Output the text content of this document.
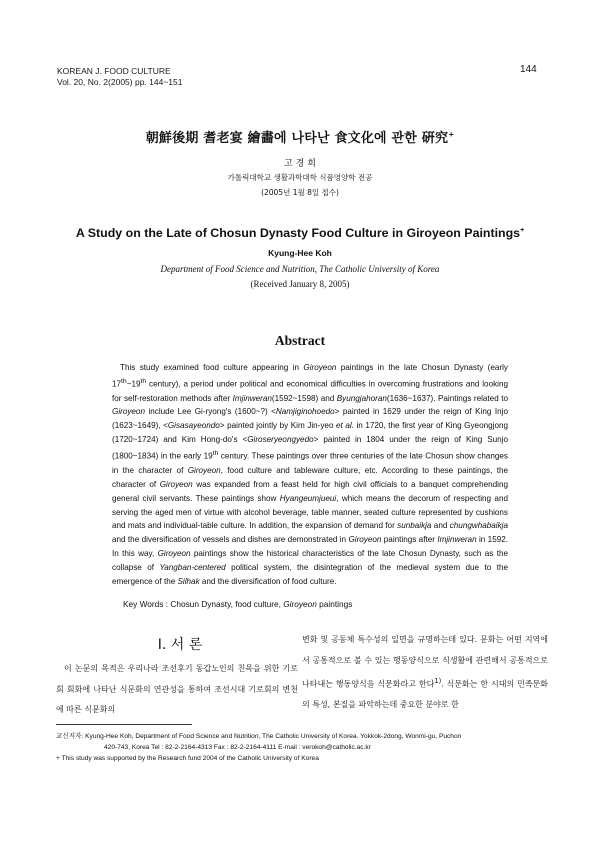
KOREAN J. FOOD CULTURE
Vol. 20, No. 2(2005) pp. 144~151
144
朝鮮後期 耆老宴 繪畵에 나타난 食文化에 관한 硏究+
고 경 희
가톨릭대학교 생활과학대학 식품영양학 전공
(2005년 1월 8일 접수)
A Study on the Late of Chosun Dynasty Food Culture in Giroyeon Paintings+
Kyung-Hee Koh
Department of Food Science and Nutrition, The Catholic University of Korea
(Received January 8, 2005)
Abstract

This study examined food culture appearing in Giroyeon paintings in the late Chosun Dynasty (early 17th~19th century), a period under political and economical difficulties in overcoming frustrations and looking for self-restoration methods after Imjinweran(1592~1598) and Byungjahoran(1636~1637). Paintings related to Giroyeon include Lee Gi-ryong's (1600~?) <Namjiginohoedo> painted in 1629 under the reign of King Injo (1623~1649), <Gisasayeondo> painted jointly by Kim Jin-yeo et al. in 1720, the first year of King Gyeongjong (1720~1724) and Kim Hong-do's <Giroseryeongyedo> painted in 1804 under the reign of King Sunjo (1800~1834) in the early 19th century. These paintings over three centuries of the late Chosun show changes in the character of Giroyeon, food culture and tableware culture, etc. According to these paintings, the character of Giroyeon was expanded from a feast held for high civil officials to a banquet comprehending general civil servants. These paintings show Hyangeumjueui, which means the decorum of respecting and serving the aged men of virtue with alcohol beverage, table manner, seated culture represented by cushions and mats and individual-table culture. In addition, the expansion of demand for sunbaikja and chungwhabaikja and the diversification of vessels and dishes are demonstrated in Giroyeon paintings after Imjinweran in 1592. In this way, Giroyeon paintings show the historical characteristics of the late Chosun Dynasty, such as the collapse of Yangban-centered political system, the disintegration of the medieval system due to the emergence of the Silhak and the diversification of food culture.

Key Words : Chosun Dynasty, food culture, Giroyeon paintings
Ⅰ. 서 론

이 논문의 목적은 우리나라 조선후기 동갑노인의 친목을 위한 기로회 회화에 나타난 식문화의 연관성을 통하여 조선시대 기로회의 변천에 따른 식문화의

변화 및 공동체 특수성의 일면을 규명하는데 있다. 문화는 어떤 지역에서 공통적으로 볼 수 있는 행동양식으로 식생활에 관련해서 공통적으로 나타내는 행동양식을 식문화라고 한다$^{1)}$. 식문화는 한 시대의 민족문화의 특성, 본질을 파악하는데 중요한 분야로 한

교신저자: Kyung-Hee Koh, Department of Food Science and Nutrition, The Catholic University of Korea. Yokkok-2dong, Wonmi-gu, Puchon
420-743, Korea Tel : 82-2-2164-4313 Fax : 82-2-2164-4111 E-mail : verokoh@catholic.ac.kr
+ This study was supported by the Research fund 2004 of the Catholic University of Korea
